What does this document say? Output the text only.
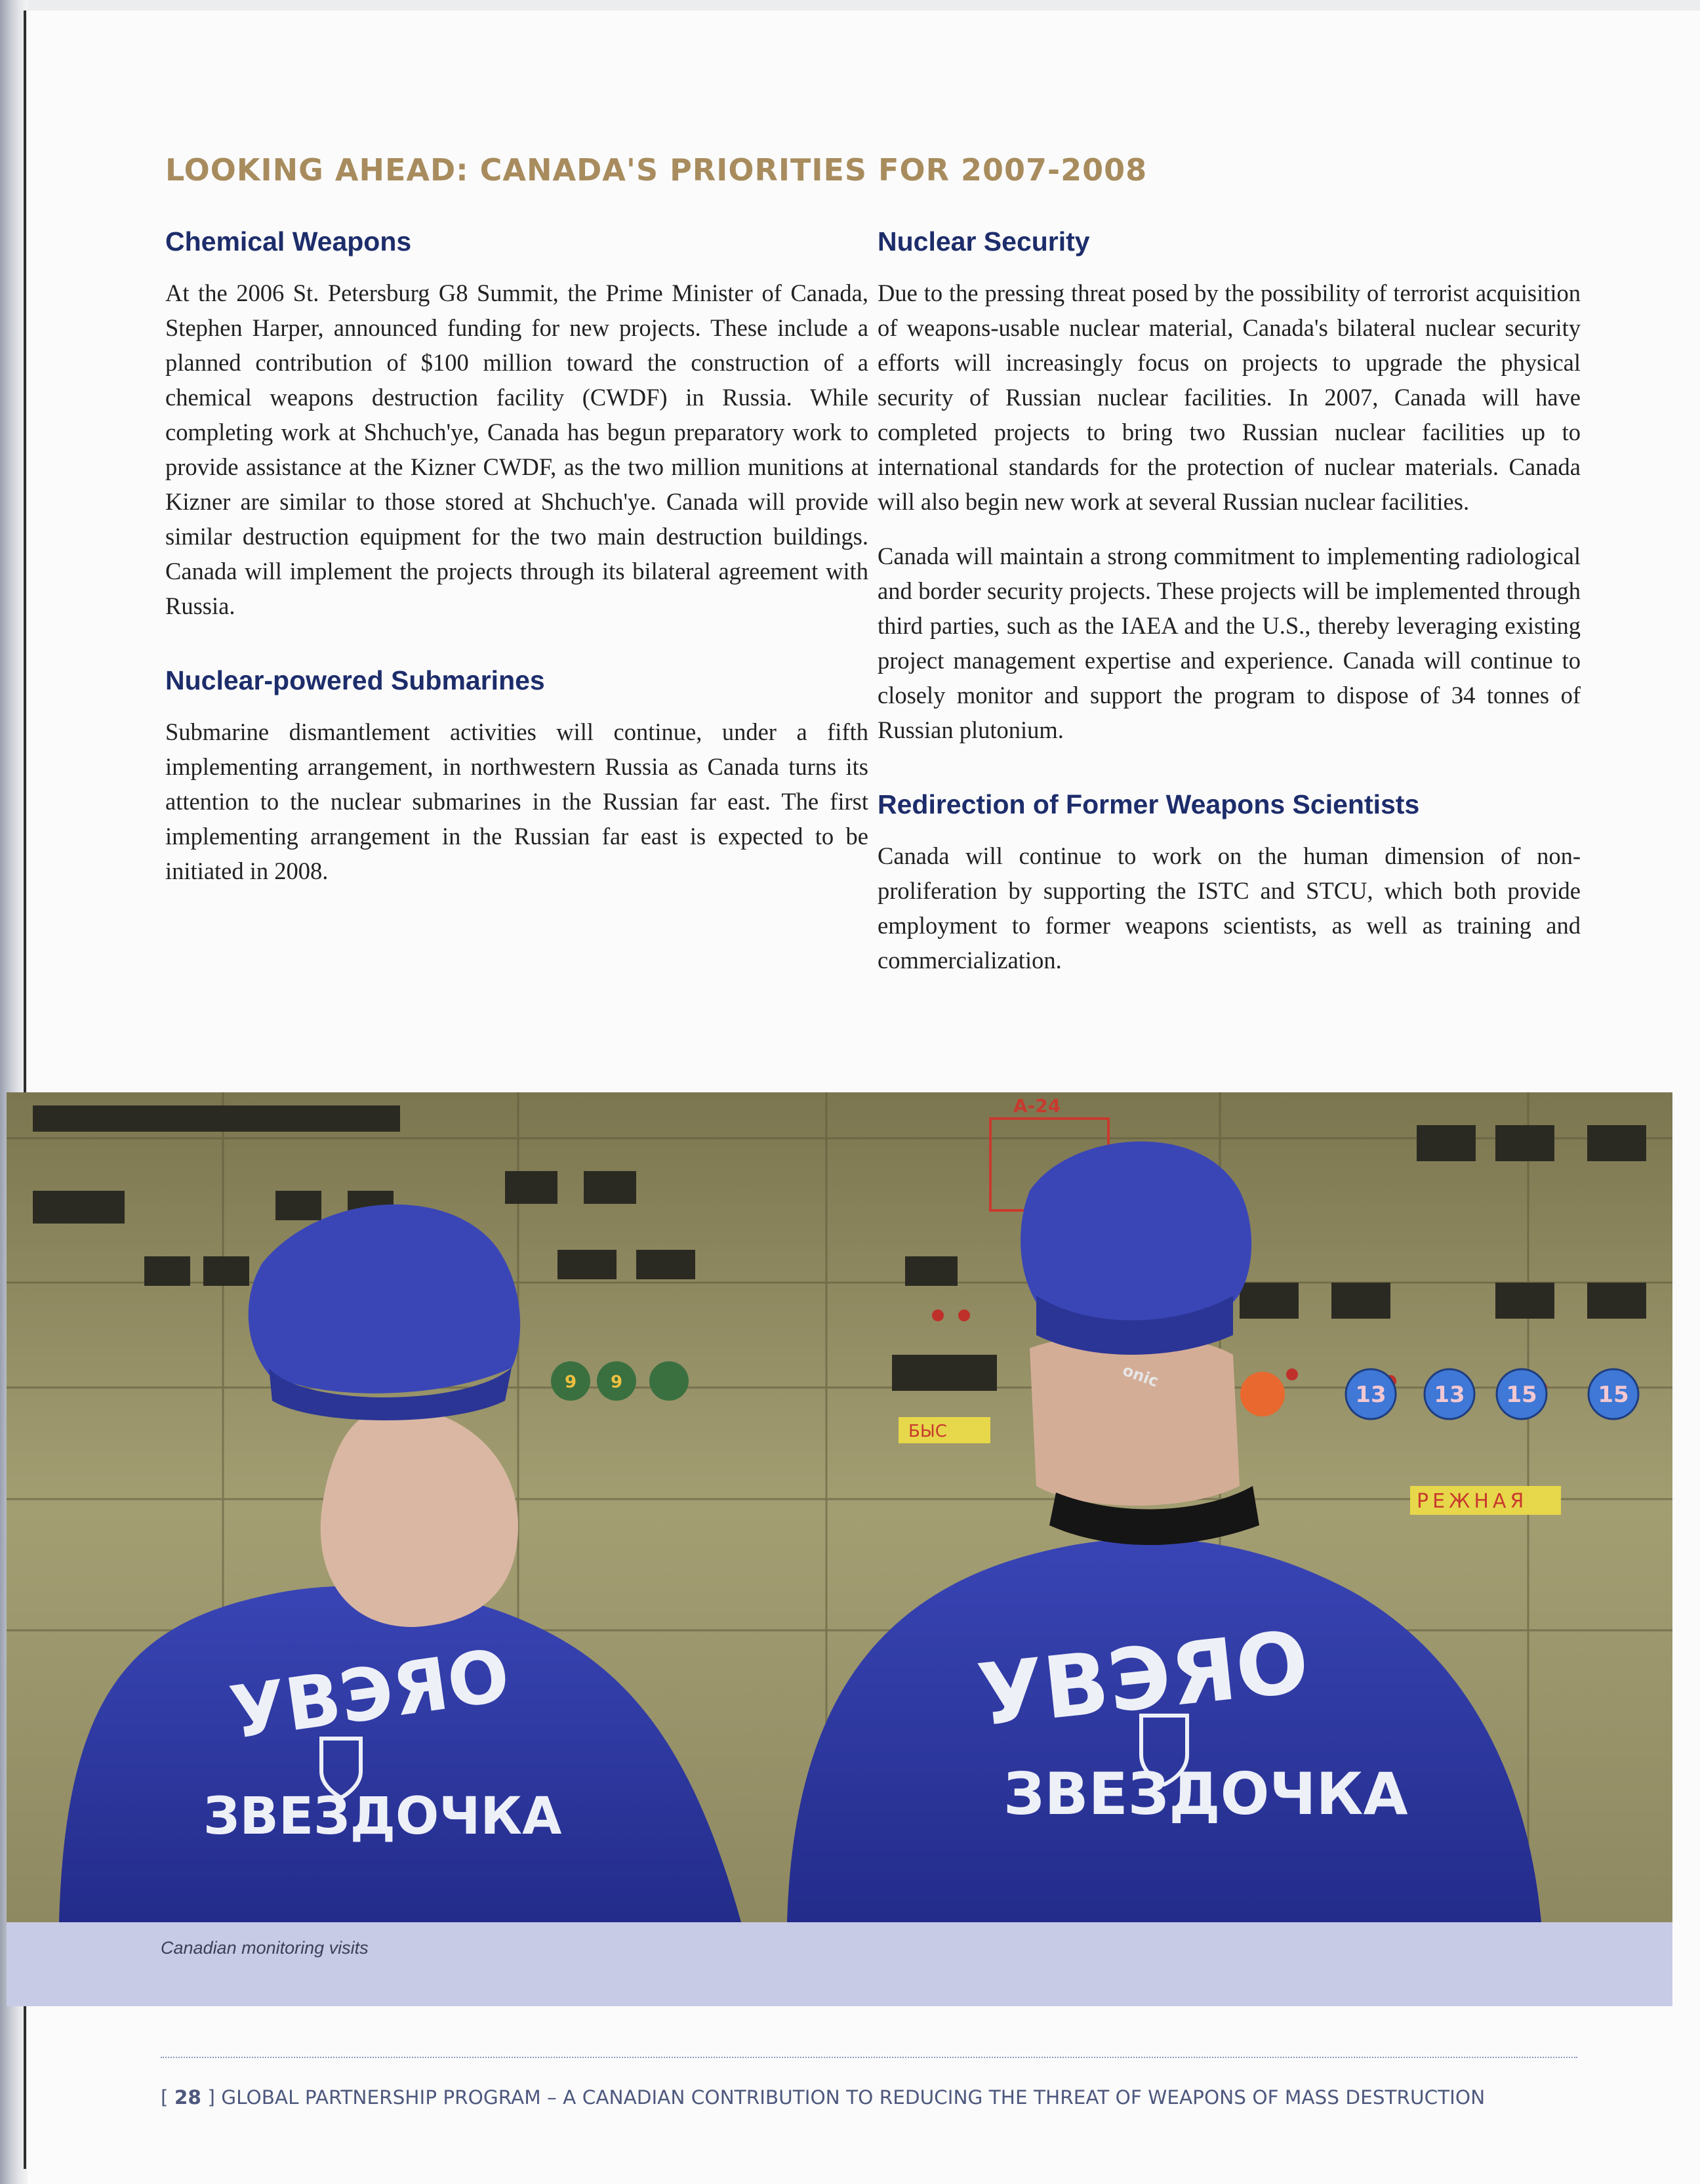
LOOKING AHEAD: CANADA'S PRIORITIES FOR 2007-2008
Chemical Weapons

At the 2006 St. Petersburg G8 Summit, the Prime Minister of Canada, Stephen Harper, announced funding for new projects. These include a planned contribution of $100 million toward the construction of a chemical weapons destruction facility (CWDF) in Russia. While completing work at Shchuch'ye, Canada has begun preparatory work to provide assistance at the Kizner CWDF, as the two million munitions at Kizner are similar to those stored at Shchuch'ye. Canada will provide similar destruction equipment for the two main destruction buildings. Canada will implement the projects through its bilateral agreement with Russia.

Nuclear-powered Submarines

Submarine dismantlement activities will continue, under a fifth implementing arrangement, in northwestern Russia as Canada turns its attention to the nuclear submarines in the Russian far east. The first implementing arrangement in the Russian far east is expected to be initiated in 2008.

Nuclear Security

Due to the pressing threat posed by the possibility of terrorist acquisition of weapons-usable nuclear material, Canada's bilateral nuclear security efforts will increasingly focus on projects to upgrade the physical security of Russian nuclear facilities. In 2007, Canada will have completed projects to bring two Russian nuclear facilities up to international standards for the protection of nuclear materials. Canada will also begin new work at several Russian nuclear facilities.

Canada will maintain a strong commitment to implementing radiological and border security projects. These projects will be implemented through third parties, such as the IAEA and the U.S., thereby leveraging existing project management expertise and experience. Canada will continue to closely monitor and support the program to dispose of 34 tonnes of Russian plutonium.

Redirection of Former Weapons Scientists

Canada will continue to work on the human dimension of non-proliferation by supporting the ISTC and STCU, which both provide employment to former weapons scientists, as well as training and commercialization.

A-24
БЫС
РЕЖНАЯ
13 13 15	15
9 9	onic
УВЭЯО
ЗВЕЗДОЧКА
УВЭЯО
ЗВЕЗДОЧКА

Canadian monitoring visits

[ 28 ] GLOBAL PARTNERSHIP PROGRAM – A CANADIAN CONTRIBUTION TO REDUCING THE THREAT OF WEAPONS OF MASS DESTRUCTION
